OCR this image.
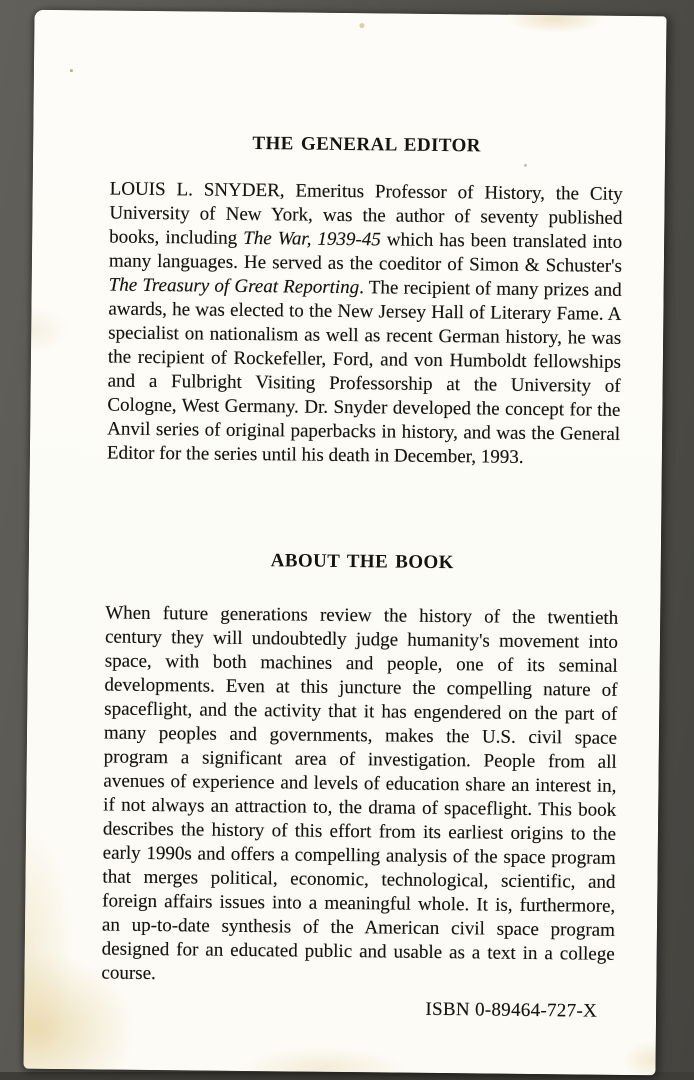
THE GENERAL EDITOR

LOUIS L. SNYDER, Emeritus Professor of History, the City University of New York, was the author of seventy published books, including The War, 1939-45 which has been translated into many languages. He served as the coeditor of Simon & Schuster's The Treasury of Great Reporting. The recipient of many prizes and awards, he was elected to the New Jersey Hall of Literary Fame. A specialist on nationalism as well as recent German history, he was the recipient of Rockefeller, Ford, and von Humboldt fellowships and a Fulbright Visiting Professorship at the University of Cologne, West Germany. Dr. Snyder developed the concept for the Anvil series of original paperbacks in history, and was the General Editor for the series until his death in December, 1993.

ABOUT THE BOOK

When future generations review the history of the twentieth century they will undoubtedly judge humanity's movement into space, with both machines and people, one of its seminal developments. Even at this juncture the compelling nature of spaceflight, and the activity that it has engendered on the part of many peoples and governments, makes the U.S. civil space program a significant area of investigation. People from all avenues of experience and levels of education share an interest in, if not always an attraction to, the drama of spaceflight. This book describes the history of this effort from its earliest origins to the early 1990s and offers a compelling analysis of the space program that merges political, economic, technological, scientific, and foreign affairs issues into a meaningful whole. It is, furthermore, an up-to-date synthesis of the American civil space program designed for an educated public and usable as a text in a college course.

ISBN 0-89464-727-X
